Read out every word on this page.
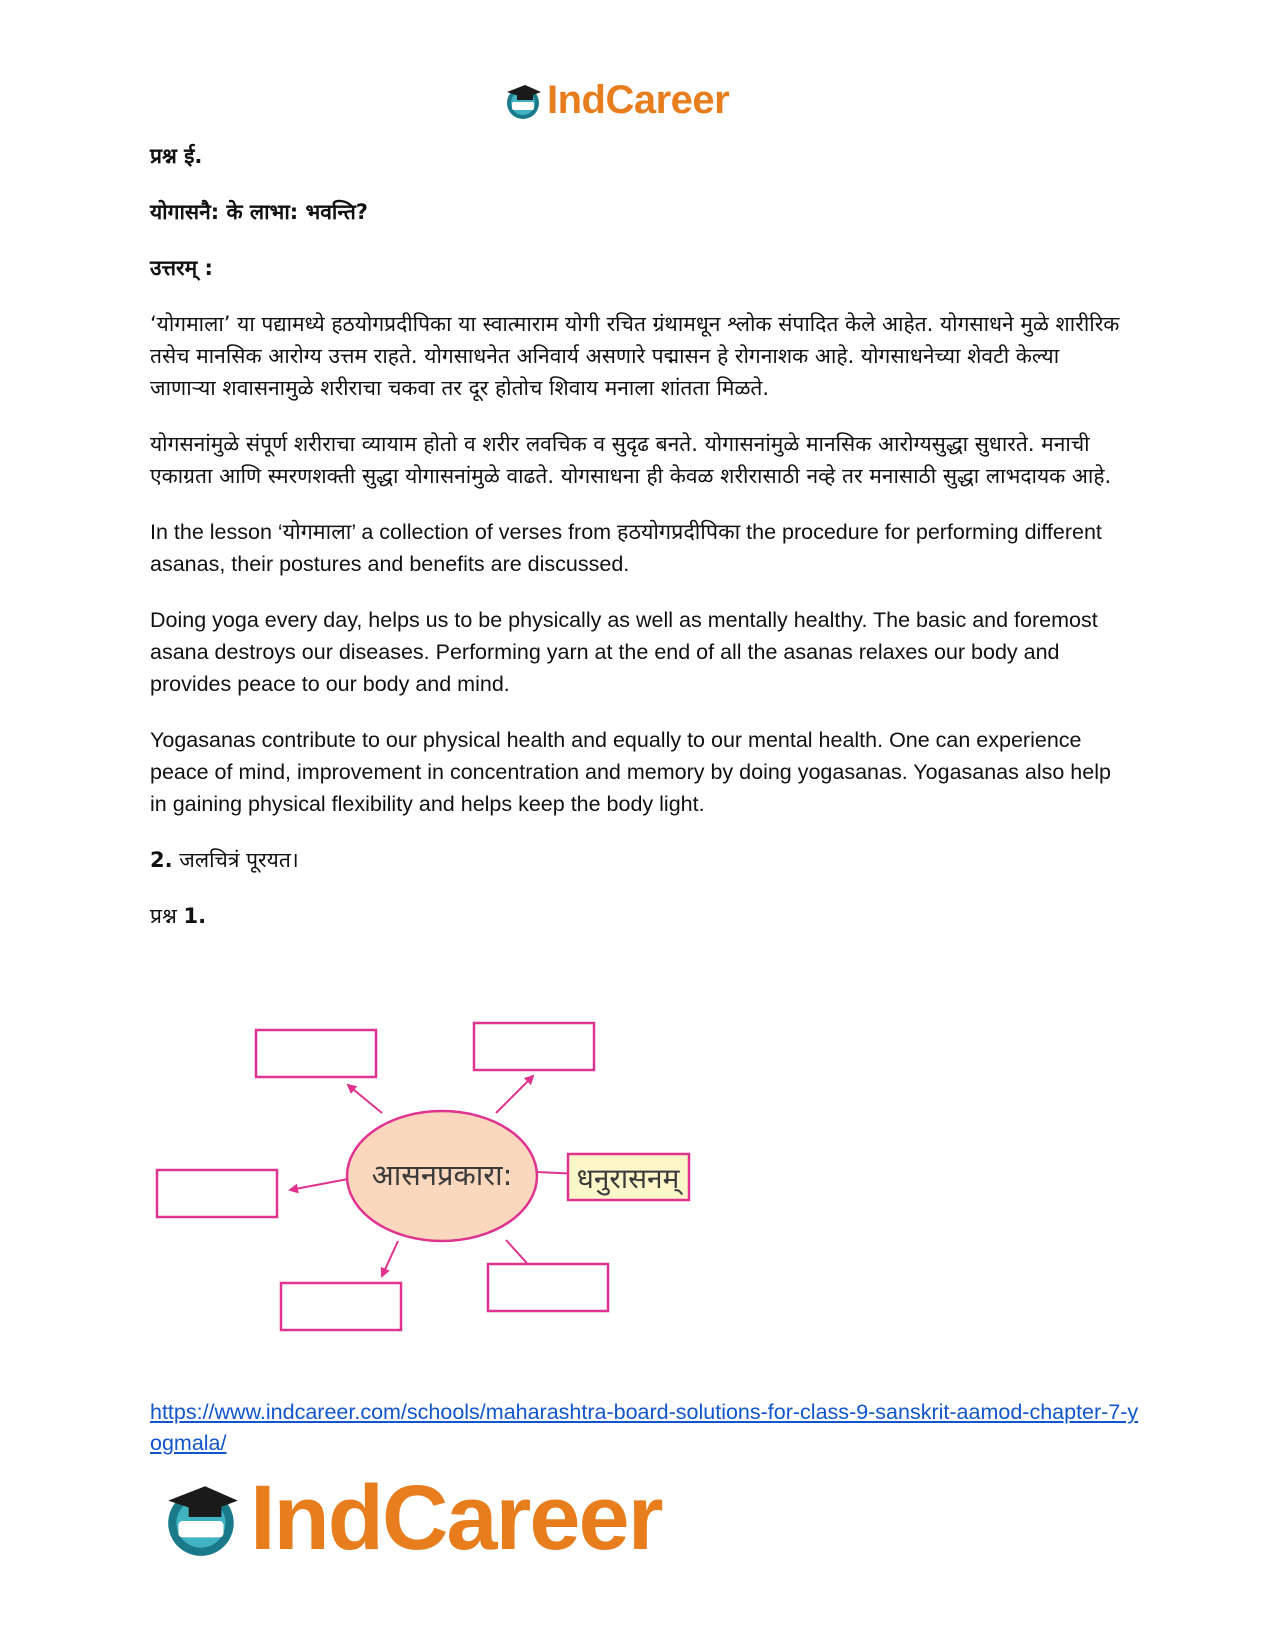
IndCareer

प्रश्न ई.

योगासनै: के लाभा: भवन्ति?

उत्तरम् :

‘योगमाला’ या पद्यामध्ये हठयोगप्रदीपिका या स्वात्माराम योगी रचित ग्रंथामधून श्लोक संपादित केले आहेत. योगसाधने मुळे शारीरिक तसेच मानसिक आरोग्य उत्तम राहते. योगसाधनेत अनिवार्य असणारे पद्मासन हे रोगनाशक आहे. योगसाधनेच्या शेवटी केल्या जाणाऱ्या शवासनामुळे शरीराचा चकवा तर दूर होतोच शिवाय मनाला शांतता मिळते.

योगसनांमुळे संपूर्ण शरीराचा व्यायाम होतो व शरीर लवचिक व सुदृढ बनते. योगासनांमुळे मानसिक आरोग्यसुद्धा सुधारते. मनाची एकाग्रता आणि स्मरणशक्ती सुद्धा योगासनांमुळे वाढते. योगसाधना ही केवळ शरीरासाठी नव्हे तर मनासाठी सुद्धा लाभदायक आहे.

In the lesson ‘योगमाला’ a collection of verses from हठयोगप्रदीपिका the procedure for performing different asanas, their postures and benefits are discussed.

Doing yoga every day, helps us to be physically as well as mentally healthy. The basic and foremost asana destroys our diseases. Performing yarn at the end of all the asanas relaxes our body and provides peace to our body and mind.

Yogasanas contribute to our physical health and equally to our mental health. One can experience peace of mind, improvement in concentration and memory by doing yogasanas. Yogasanas also help in gaining physical flexibility and helps keep the body light.

2. जलचित्रं पूरयत।

प्रश्न 1.

आसनप्रकारा: धनुरासनम्
https://www.indcareer.com/schools/maharashtra-board-solutions-for-class-9-sanskrit-aamod-chapter-7-yogmala/
IndCareer
